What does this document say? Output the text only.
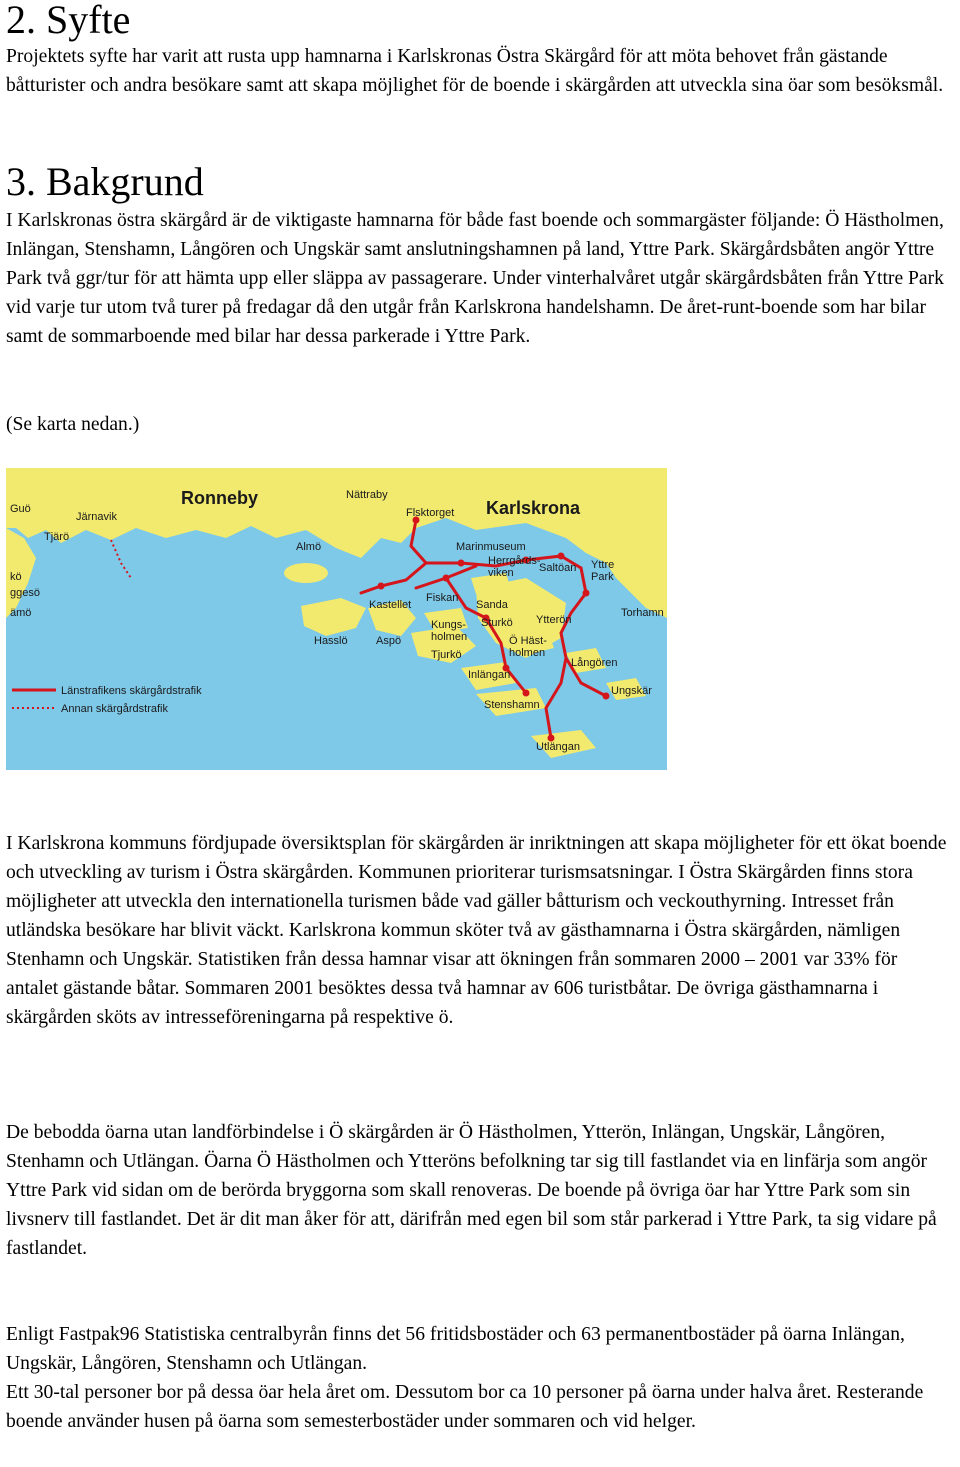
2. Syfte

Projektets syfte har varit att rusta upp hamnarna i Karlskronas Östra Skärgård för att möta behovet från gästande båtturister och andra besökare samt att skapa möjlighet för de boende i skärgården att utveckla sina öar som besöksmål.

3. Bakgrund

I Karlskronas östra skärgård är de viktigaste hamnarna för både fast boende och sommargäster följande: Ö Hästholmen, Inlängan, Stenshamn, Långören och Ungskär samt anslutningshamnen på land, Yttre Park. Skärgårdsbåten angör Yttre Park två ggr/tur för att hämta upp eller släppa av passagerare. Under vinterhalvåret utgår skärgårdsbåten från Yttre Park vid varje tur utom två turer på fredagar då den utgår från Karlskrona handelshamn. De året-runt-boende som har bilar samt de sommarboende med bilar har dessa parkerade i Yttre Park.

(Se karta nedan.)

Ronneby	Karlskrona
Nättraby
Guö
Järnavik
Tjärö
kö
ggesö
ämö
Almö
Flsktorget
Marinmuseum
Herrgårds-
viken Saltöan Yttre
Park
Torhamn
Kastellet
Fiskan
Sanda
Ytterön
Sturkö
Kungs-
holmen
Hasslö	Aspö	Ö Häst-
holmen
Tjurkö
Inlängan
Långören
Ungskär
Stenshamn
Utlängan
Länstrafikens skärgårdstrafik
Annan skärgårdstrafik

I Karlskrona kommuns fördjupade översiktsplan för skärgården är inriktningen att skapa möjligheter för ett ökat boende och utveckling av turism i Östra skärgården. Kommunen prioriterar turismsatsningar. I Östra Skärgården finns stora möjligheter att utveckla den internationella turismen både vad gäller båtturism och veckouthyrning. Intresset från utländska besökare har blivit väckt. Karlskrona kommun sköter två av gästhamnarna i Östra skärgården, nämligen Stenhamn och Ungskär. Statistiken från dessa hamnar visar att ökningen från sommaren 2000 – 2001 var 33% för antalet gästande båtar. Sommaren 2001 besöktes dessa två hamnar av 606 turistbåtar. De övriga gästhamnarna i skärgården sköts av intresseföreningarna på respektive ö.

De bebodda öarna utan landförbindelse i Ö skärgården är Ö Hästholmen, Ytterön, Inlängan, Ungskär, Långören, Stenhamn och Utlängan. Öarna Ö Hästholmen och Ytteröns befolkning tar sig till fastlandet via en linfärja som angör Yttre Park vid sidan om de berörda bryggorna som skall renoveras. De boende på övriga öar har Yttre Park som sin livsnerv till fastlandet. Det är dit man åker för att, därifrån med egen bil som står parkerad i Yttre Park, ta sig vidare på fastlandet.

Enligt Fastpak96 Statistiska centralbyrån finns det 56 fritidsbostäder och 63 permanentbostäder på öarna Inlängan, Ungskär, Långören, Stenshamn och Utlängan.

Ett 30-tal personer bor på dessa öar hela året om. Dessutom bor ca 10 personer på öarna under halva året. Resterande boende använder husen på öarna som semesterbostäder under sommaren och vid helger.
